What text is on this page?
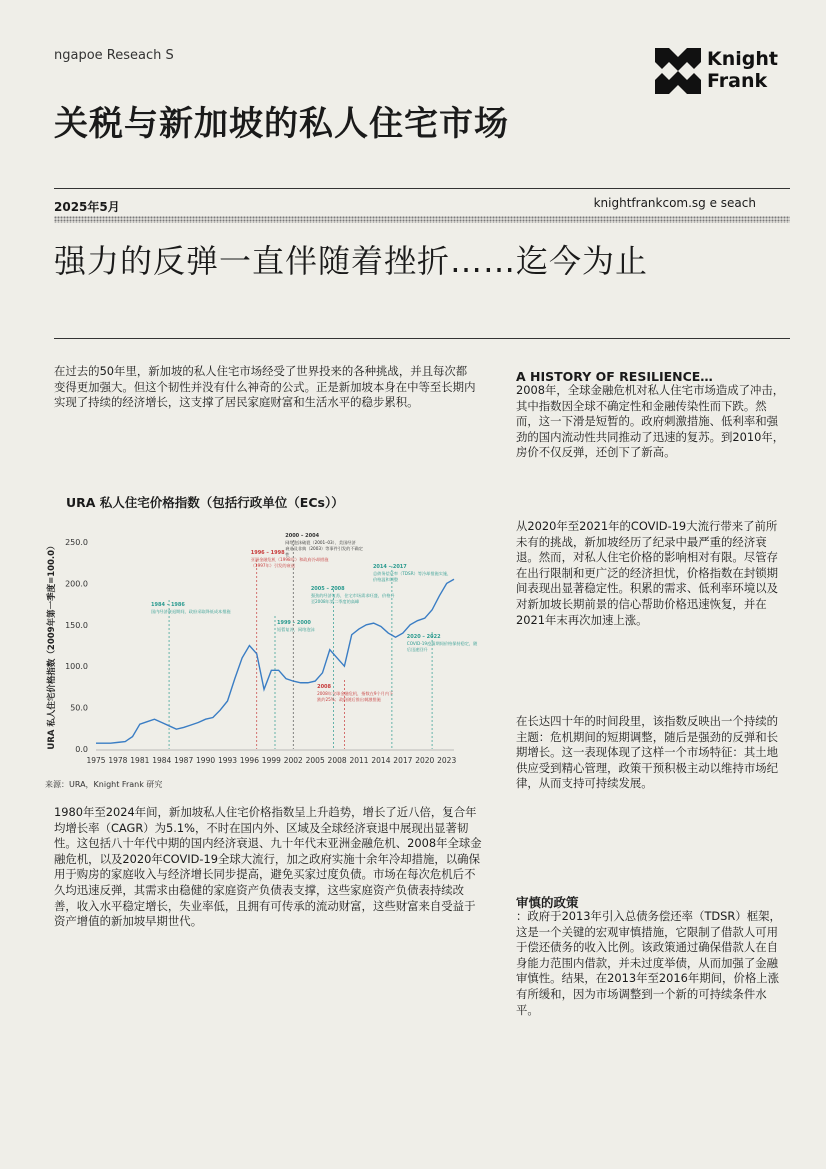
ngapoe Reseach S	Knight
Frank
关税与新加坡的私人住宅市场
2025年5月	knightfrankcom.sg e seach
强力的反弹一直伴随着挫折……迄今为止
在过去的50年里，新加坡的私人住宅市场经受了世界投来的各种挑战，并且每次都变得更加强大。但这个韧性并没有什么神奇的公式。正是新加坡本身在中等至长期内实现了持续的经济增长，这支撑了居民家庭财富和生活水平的稳步累积。
A HISTORY OF RESILIENCE…
2008年，全球金融危机对私人住宅市场造成了冲击，其中指数因全球不确定性和金融传染性而下跌。然而，这一下滑是短暂的。政府刺激措施、低利率和强劲的国内流动性共同推动了迅速的复苏。到2010年，房价不仅反弹，还创下了新高。
从2020年至2021年的COVID-19大流行带来了前所未有的挑战，新加坡经历了纪录中最严重的经济衰退。然而，对私人住宅价格的影响相对有限。尽管存在出行限制和更广泛的经济担忧，价格指数在封锁期间表现出显著稳定性。积累的需求、低利率环境以及对新加坡长期前景的信心帮助价格迅速恢复，并在2021年末再次加速上涨。
在长达四十年的时间段里，该指数反映出一个持续的主题：危机期间的短期调整，随后是强劲的反弹和长期增长。这一表现体现了这样一个市场特征：其土地供应受到精心管理，政策干预积极主动以维持市场纪律，从而支持可持续发展。
审慎的政策
：政府于2013年引入总债务偿还率（TDSR）框架，这是一个关键的宏观审慎措施，它限制了借款人可用于偿还债务的收入比例。该政策通过确保借款人在自身能力范围内借款，并未过度举债，从而加强了金融审慎性。结果，在2013年至2016年期间，价格上涨有所缓和，因为市场调整到一个新的可持续条件水平。
URA 私人住宅价格指数（包括行政单位（ECs））
URA 私人住宅价格指数（2009年第一季度=100.0） 0.0
50.0
100.0
150.0
200.0
250.0
1975 1978 1981 1984 1987 1990 1993 1996 1999 2002 2005 2008 2011 2014 2017 2020 2023
1984 – 1986
国内经济衰退期间，政府采取降低成本措施
1996 – 1998
亚洲金融危机（1998年）和政府冷却措施
（1997年）引发的衰退
1999 – 2000
短暂复苏，网络泡沫
2000 – 2004
网络泡沫破裂（2001–03）、美国经济
衰退及非典（2003）等事件引发的不确定
性
2005 – 2008
强劲的经济复苏，住宅市场需求旺盛，价格升
至2008年第二季度的高峰
2008
2008年全球金融危机，指数在9个月内下
跌约25%；政府随后推出刺激措施
2014 – 2017
总债务偿还率（TDSR）等冷却措施实施，
价格温和调整
2020 – 2022
COVID-19疫情期间价格保持稳定，随
后迅速回升
来源：URA，Knight Frank 研究
1980年至2024年间，新加坡私人住宅价格指数呈上升趋势，增长了近八倍，复合年均增长率（CAGR）为5.1%，不时在国内外、区域及全球经济衰退中展现出显著韧性。这包括八十年代中期的国内经济衰退、九十年代末亚洲金融危机、2008年全球金融危机，以及2020年COVID-19全球大流行，加之政府实施十余年冷却措施，以确保用于购房的家庭收入与经济增长同步提高，避免买家过度负债。市场在每次危机后不久均迅速反弹，其需求由稳健的家庭资产负债表支撑，这些家庭资产负债表持续改善，收入水平稳定增长，失业率低，且拥有可传承的流动财富，这些财富来自受益于资产增值的新加坡早期世代。
